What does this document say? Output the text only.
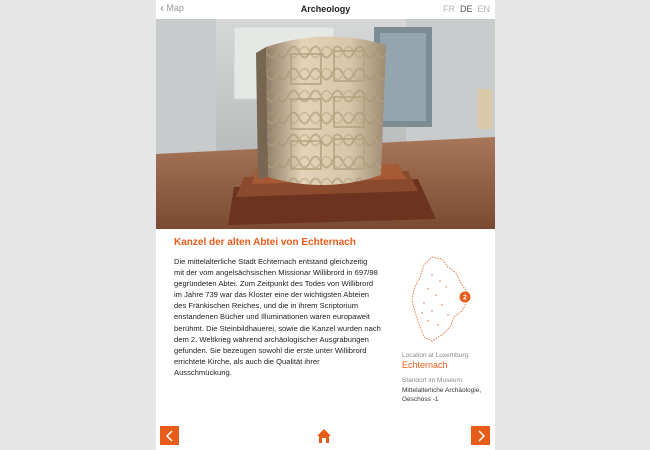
‹ Map	Archeology	FR DE EN
Kanzel der alten Abtei von Echternach
Die mittelalterliche Stadt Echternach entstand gleichzeitig
mit der vom angelsächsischen Missionar Willibrord in 697/98
gegründeten Abtei. Zum Zeitpunkt des Todes von Willibrord
im Jahre 739 war das Kloster eine der wichtigsten Abteien
des Fränkischen Reiches, und die in ihrem Scriptorium
enstandenen Bücher und Illuminationen waren europaweit
berühmt. Die Steinbildhauerei, sowie die Kanzel wurden nach
dem 2. Weltkrieg während archäologischer Ausgrabungen
gefunden. Sie bezeugen sowohl die erste unter Willibrord
errichtete Kirche, als auch die Qualität ihrer
Ausschmückung.
2
Location at Luxemburg:
Echternach
Standort im Museum:
Mittelalterliche Archäologie,
Geschoss -1
